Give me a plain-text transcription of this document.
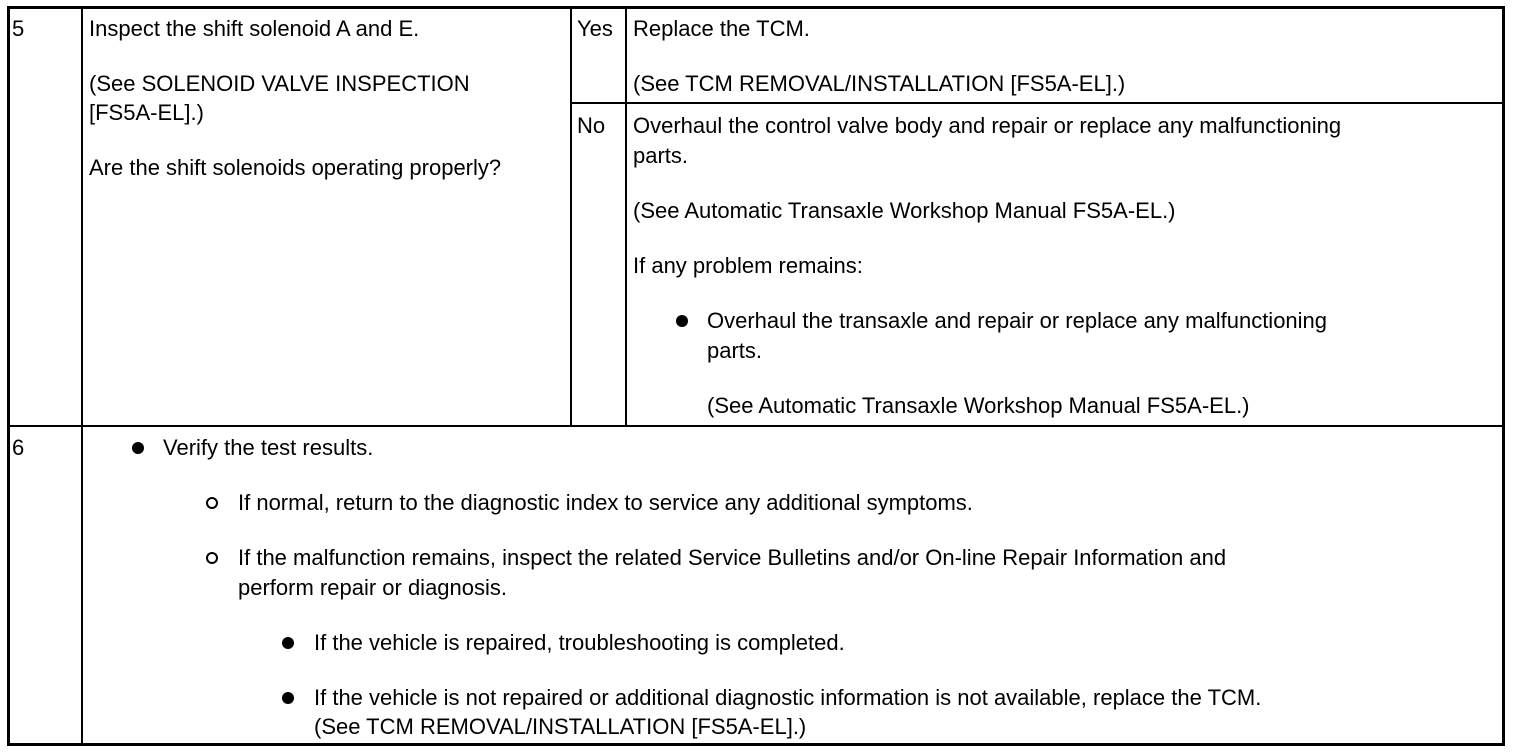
5	Inspect the shift solenoid A and E.
(See SOLENOID VALVE INSPECTION
[FS5A-EL].)
Are the shift solenoids operating properly?
Yes Replace the TCM.
(See TCM REMOVAL/INSTALLATION [FS5A-EL].)
No Overhaul the control valve body and repair or replace any malfunctioning
parts.
(See Automatic Transaxle Workshop Manual FS5A-EL.)
If any problem remains:
Overhaul the transaxle and repair or replace any malfunctioning
parts.
(See Automatic Transaxle Workshop Manual FS5A-EL.)
6	Verify the test results.
If normal, return to the diagnostic index to service any additional symptoms.
If the malfunction remains, inspect the related Service Bulletins and/or On-line Repair Information and
perform repair or diagnosis.
If the vehicle is repaired, troubleshooting is completed.
If the vehicle is not repaired or additional diagnostic information is not available, replace the TCM.
(See TCM REMOVAL/INSTALLATION [FS5A-EL].)
